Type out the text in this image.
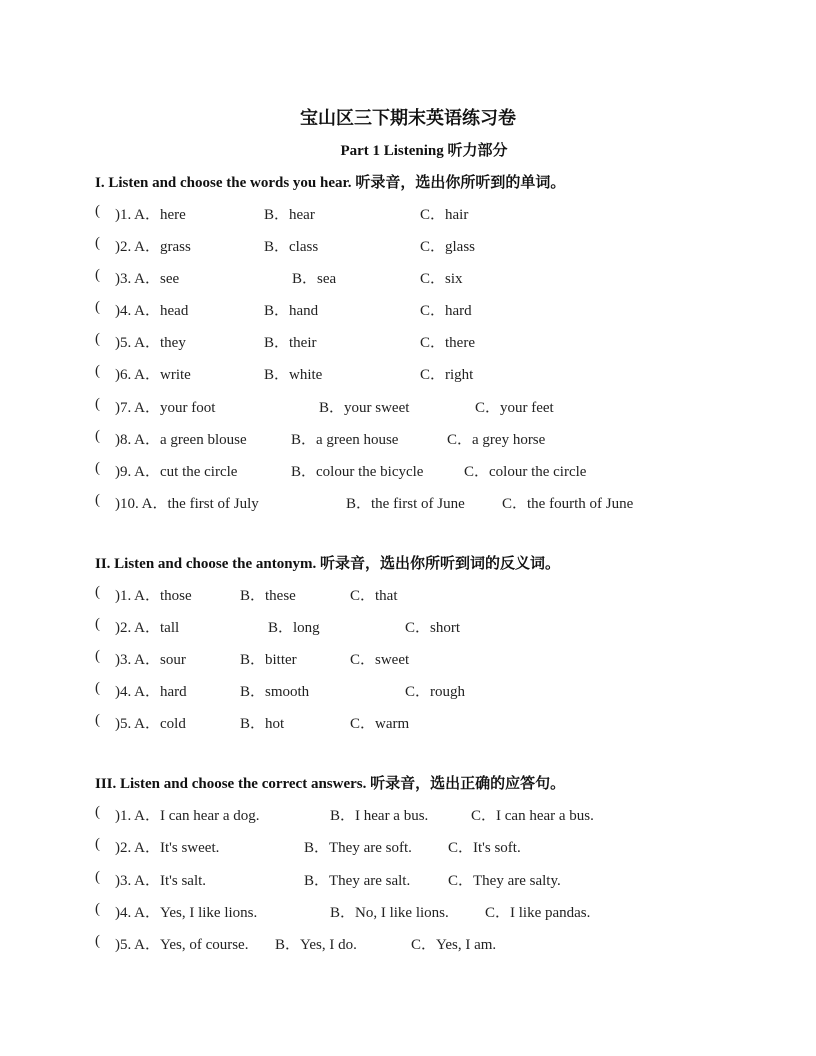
宝山区三下期末英语练习卷
Part 1 Listening 听力部分
I. Listen and choose the words you hear. 听录音，选出你所听到的单词。
( )1. A．here	B．hear	C．hair
( )2. A．grass	B．class	C．glass
( )3. A．see	B．sea	C．six
( )4. A．head	B．hand	C．hard
( )5. A．they	B．their	C．there
( )6. A．write	B．white	C．right
( )7. A．your foot	B．your sweet	C．your feet
( )8. A．a green blouse	B．a green house	C．a grey horse
( )9. A．cut the circle	B．colour the bicycle	C．colour the circle
( )10. A．the first of July	B．the first of June C．the fourth of June
II. Listen and choose the antonym. 听录音，选出你所听到词的反义词。
( )1. A．those	B．these	C．that
( )2. A．tall	B．long	C．short
( )3. A．sour	B．bitter	C．sweet
( )4. A．hard	B．smooth	C．rough
( )5. A．cold	B．hot	C．warm
III. Listen and choose the correct answers. 听录音，选出正确的应答句。
( )1. A．I can hear a dog.	B．I hear a bus.	C．I can hear a bus.
( )2. A．It's sweet.	B．They are soft. C．It's soft.
( )3. A．It's salt.	B．They are salt.	C．They are salty.
( )4. A．Yes, I like lions.	B．No, I like lions. C．I like pandas.
( )5. A．Yes, of course. B．Yes, I do.	C．Yes, I am.
